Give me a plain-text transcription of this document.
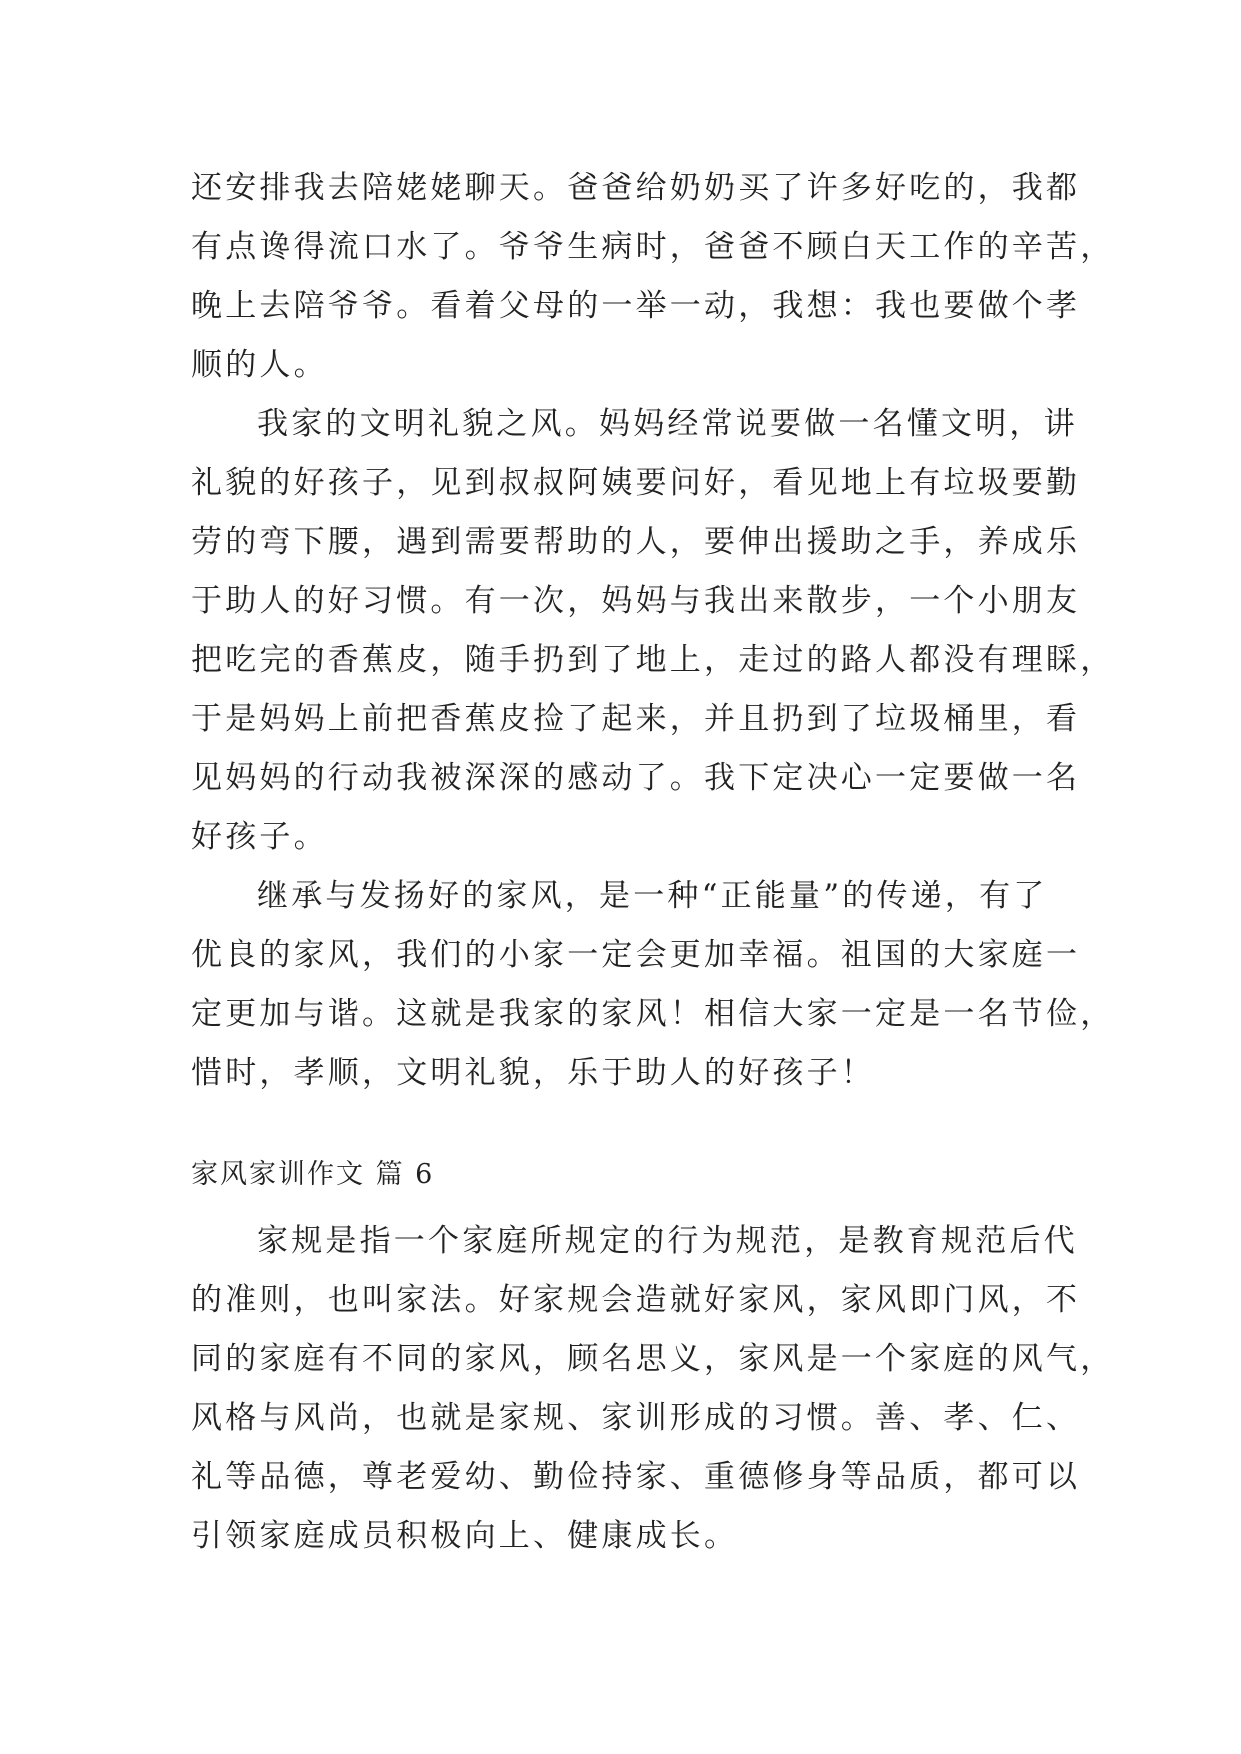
还安排我去陪姥姥聊天。爸爸给奶奶买了许多好吃的，我都
有点谗得流口水了。爷爷生病时，爸爸不顾白天工作的辛苦，
晚上去陪爷爷。看着父母的一举一动，我想：我也要做个孝
顺的人。
我家的文明礼貌之风。妈妈经常说要做一名懂文明，讲
礼貌的好孩子，见到叔叔阿姨要问好，看见地上有垃圾要勤
劳的弯下腰，遇到需要帮助的人，要伸出援助之手，养成乐
于助人的好习惯。有一次，妈妈与我出来散步，一个小朋友
把吃完的香蕉皮，随手扔到了地上，走过的路人都没有理睬，
于是妈妈上前把香蕉皮捡了起来，并且扔到了垃圾桶里，看
见妈妈的行动我被深深的感动了。我下定决心一定要做一名
好孩子。
继承与发扬好的家风，是一种“正能量”的传递，有了
优良的家风，我们的小家一定会更加幸福。祖国的大家庭一
定更加与谐。这就是我家的家风！相信大家一定是一名节俭，
惜时，孝顺，文明礼貌，乐于助人的好孩子！
家风家训作文 篇 6
家规是指一个家庭所规定的行为规范，是教育规范后代
的准则，也叫家法。好家规会造就好家风，家风即门风，不
同的家庭有不同的家风，顾名思义，家风是一个家庭的风气，
风格与风尚，也就是家规、家训形成的习惯。善、孝、仁、
礼等品德，尊老爱幼、勤俭持家、重德修身等品质，都可以
引领家庭成员积极向上、健康成长。
